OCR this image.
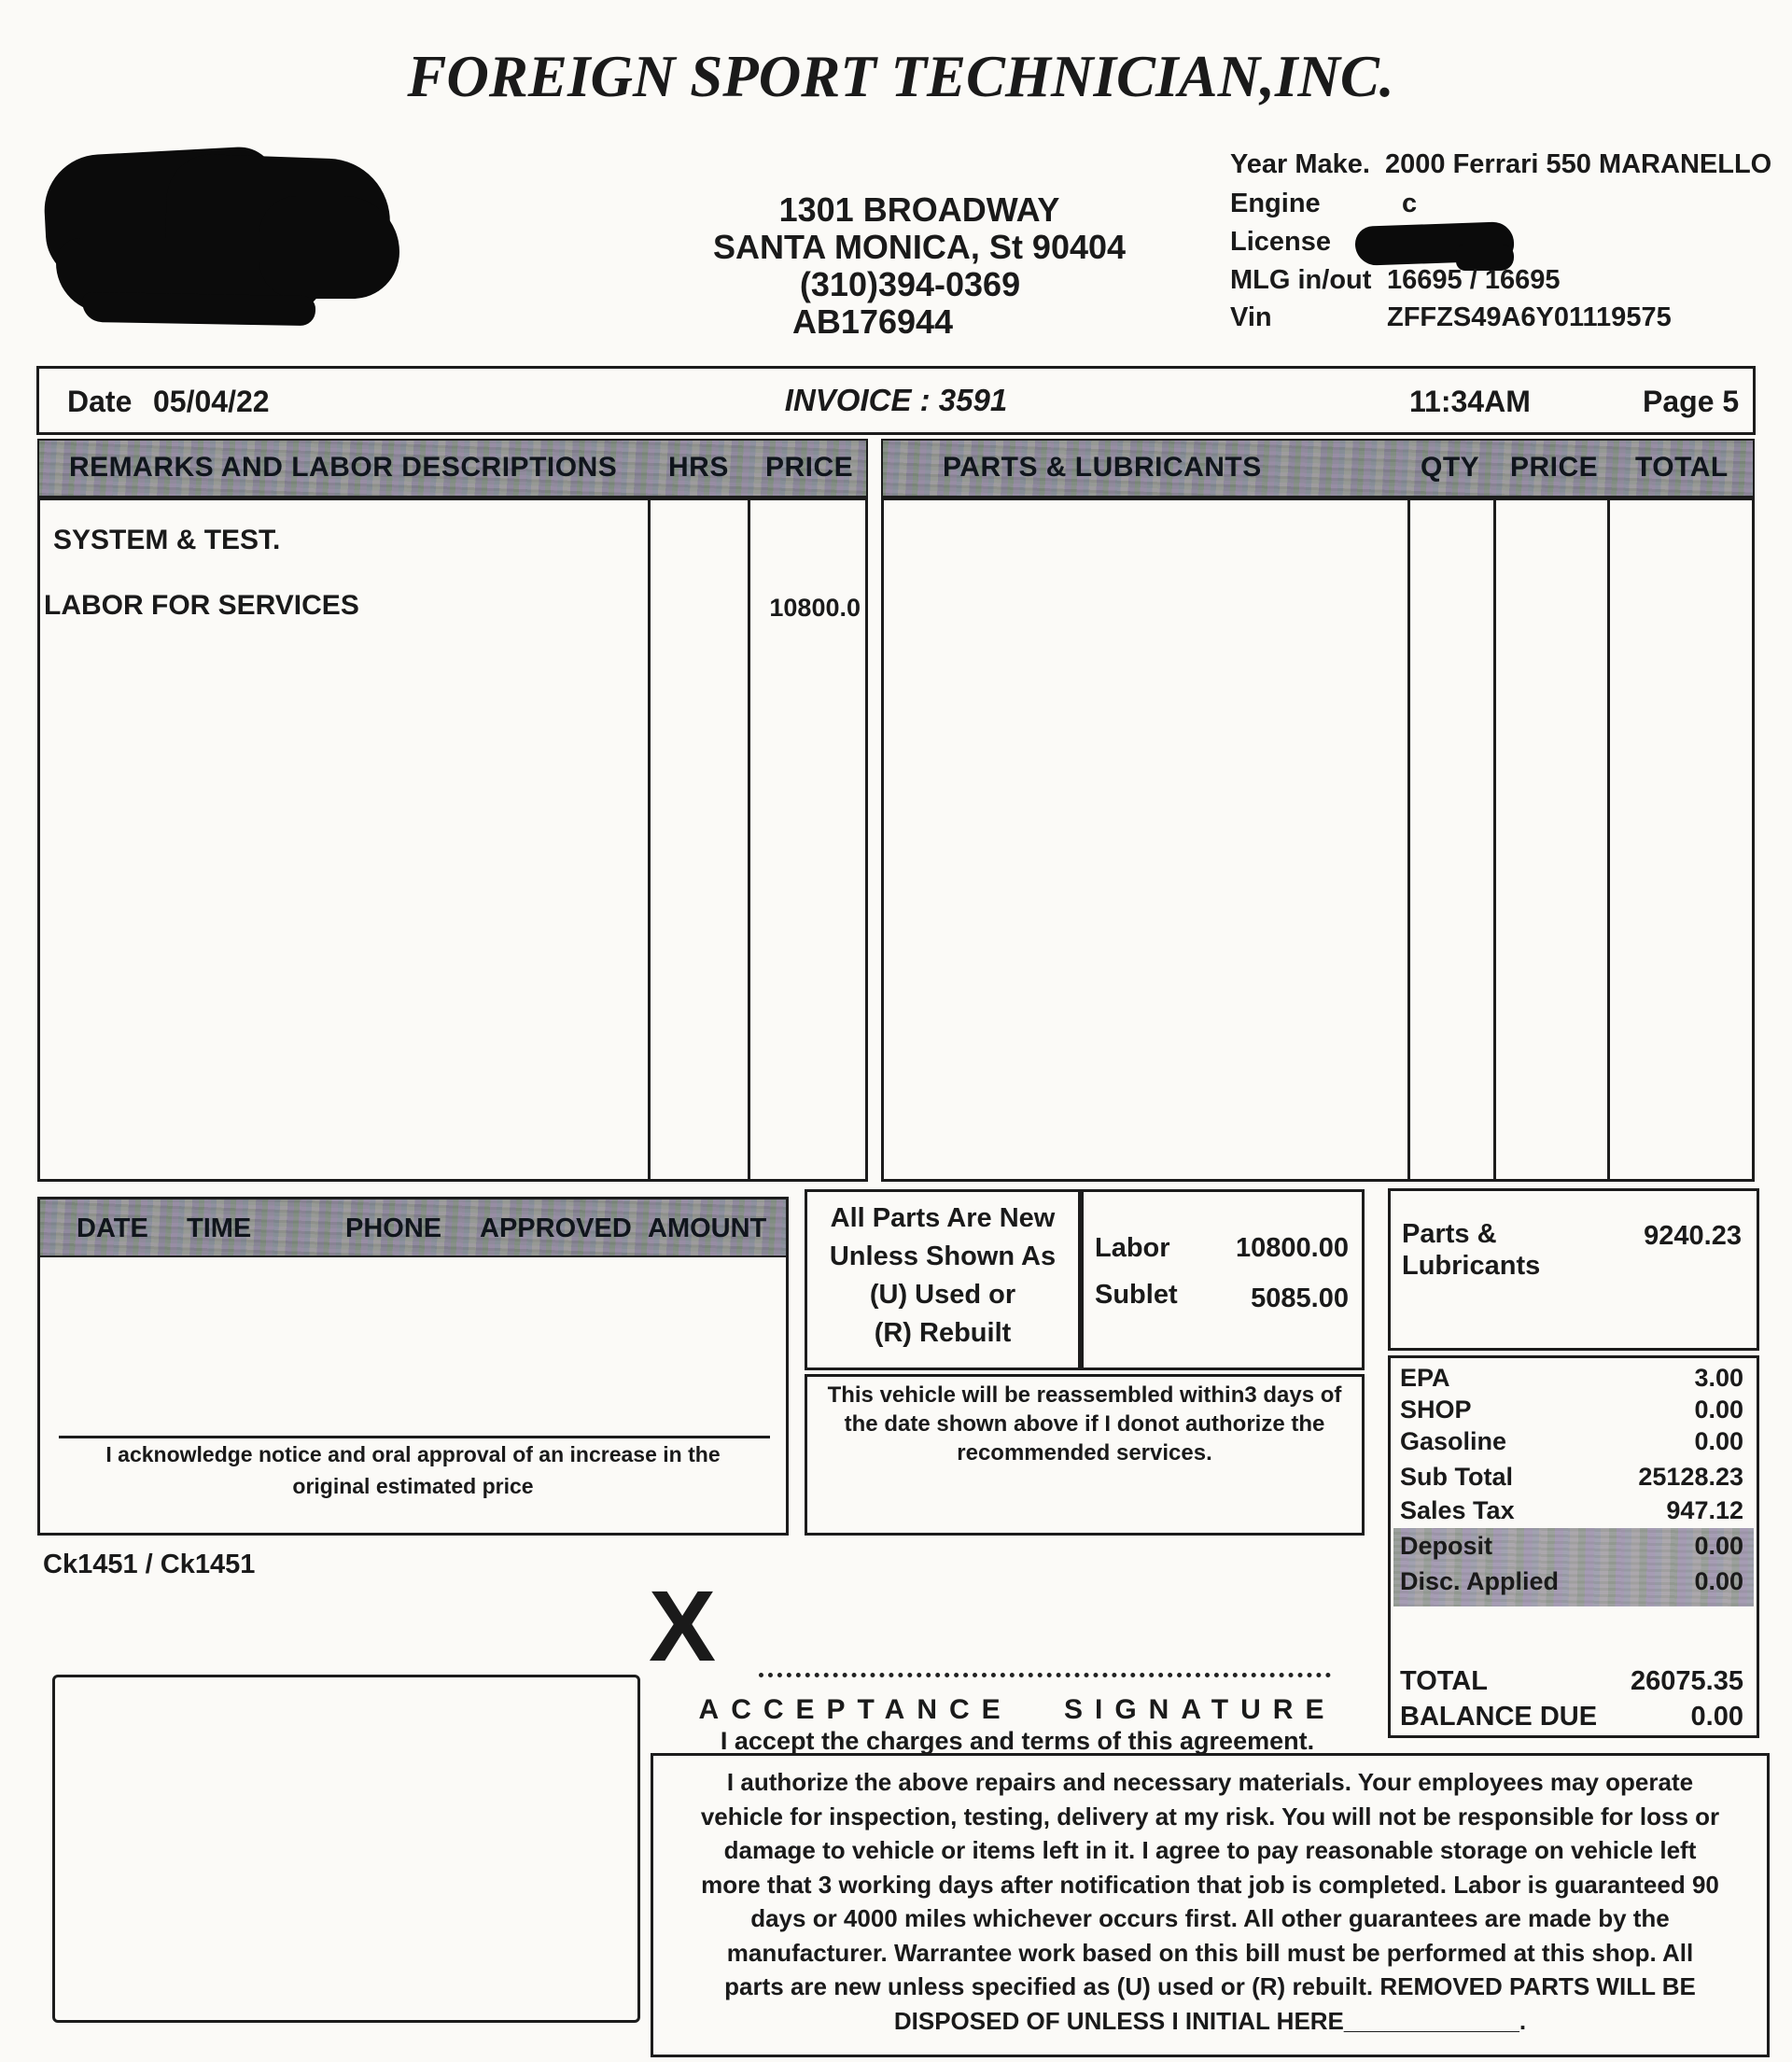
FOREIGN SPORT TECHNICIAN,INC.
1301 BROADWAY
SANTA MONICA, St 90404
(310)394-0369
AB176944
Year Make. 2000 Ferrari 550 MARANELLO
Engine	c
License
MLG in/out 16695 / 16695
Vin	ZFFZS49A6Y01119575
Date 05/04/22	INVOICE : 3591	11:34AM	Page 5
REMARKS AND LABOR DESCRIPTIONS HRS PRICE	PARTS & LUBRICANTS	QTY PRICE TOTAL
SYSTEM & TEST.
LABOR FOR SERVICES	10800.0
DATE TIME	PHONE APPROVED AMOUNT
I acknowledge notice and oral approval of an increase in the
original estimated price
Ck1451 / Ck1451
All Parts Are New
Unless Shown As
(U) Used or
(R) Rebuilt
Labor	10800.00
Sublet	5085.00
This vehicle will be reassembled within3 days of
the date shown above if I donot authorize the
recommended services.
Parts &
Lubricants
9240.23
EPA	3.00
SHOP	0.00
Gasoline	0.00
Sub Total	25128.23
Sales Tax	947.12
Deposit	0.00
Disc. Applied	0.00
TOTAL	26075.35
BALANCE DUE	0.00
X
ACCEPTANCE SIGNATURE
I accept the charges and terms of this agreement.
I authorize the above repairs and necessary materials. Your employees may operate
vehicle for inspection, testing, delivery at my risk. You will not be responsible for loss or
damage to vehicle or items left in it. I agree to pay reasonable storage on vehicle left
more that 3 working days after notification that job is completed. Labor is guaranteed 90
days or 4000 miles whichever occurs first. All other guarantees are made by the
manufacturer. Warrantee work based on this bill must be performed at this shop. All
parts are new unless specified as (U) used or (R) rebuilt. REMOVED PARTS WILL BE
DISPOSED OF UNLESS I INITIAL HERE_____________.
